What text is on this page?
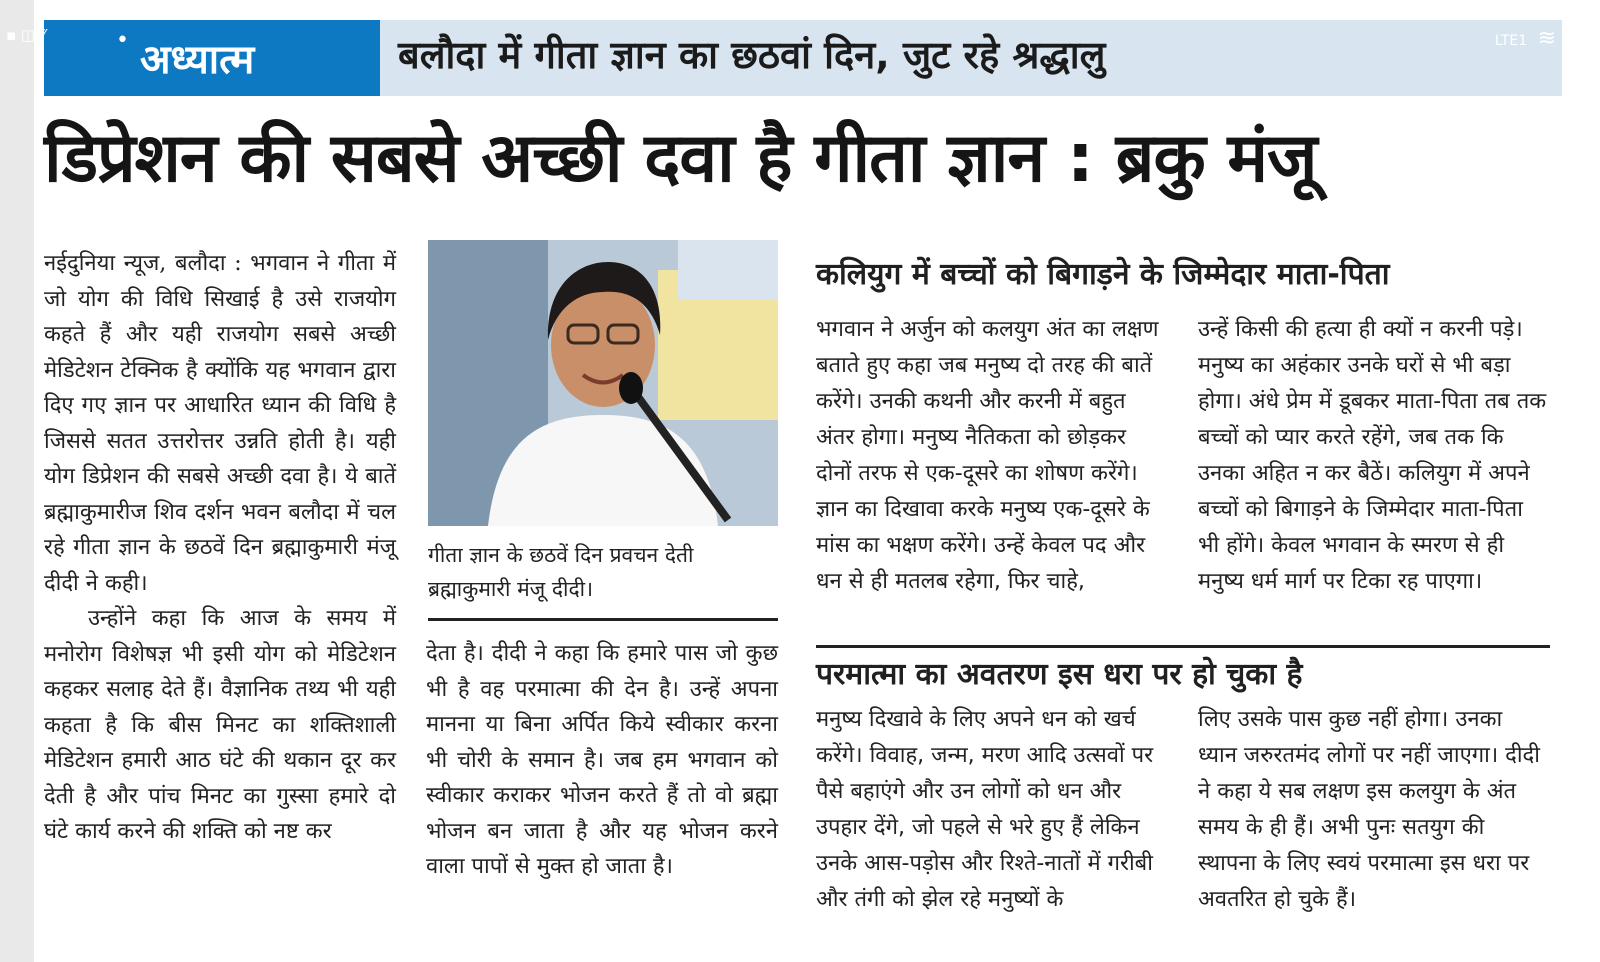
▪ ◫ ⁄⁄	• अध्यात्म	बलौदा में गीता ज्ञान का छठवां दिन, जुट रहे श्रद्धालु	LTE1 ≋
डिप्रेशन की सबसे अच्छी दवा है गीता ज्ञान : ब्रकु मंजू

नईदुनिया न्यूज, बलौदा : भगवान ने गीता में जो योग की विधि सिखाई है उसे राजयोग कहते हैं और यही राजयोग सबसे अच्छी मेडिटेशन टेक्निक है क्योंकि यह भगवान द्वारा दिए गए ज्ञान पर आधारित ध्यान की विधि है जिससे सतत उत्तरोत्तर उन्नति होती है। यही योग डिप्रेशन की सबसे अच्छी दवा है। ये बातें ब्रह्माकुमारीज शिव दर्शन भवन बलौदा में चल रहे गीता ज्ञान के छठवें दिन ब्रह्माकुमारी मंजू दीदी ने कही।

उन्होंने कहा कि आज के समय में मनोरोग विशेषज्ञ भी इसी योग को मेडिटेशन कहकर सलाह देते हैं। वैज्ञानिक तथ्य भी यही कहता है कि बीस मिनट का शक्तिशाली मेडिटेशन हमारी आठ घंटे की थकान दूर कर देती है और पांच मिनट का गुस्सा हमारे दो घंटे कार्य करने की शक्ति को नष्ट कर

गीता ज्ञान के छठवें दिन प्रवचन देती ब्रह्माकुमारी मंजू दीदी।

देता है। दीदी ने कहा कि हमारे पास जो कुछ भी है वह परमात्मा की देन है। उन्हें अपना मानना या बिना अर्पित किये स्वीकार करना भी चोरी के समान है। जब हम भगवान को स्वीकार कराकर भोजन करते हैं तो वो ब्रह्मा भोजन बन जाता है और यह भोजन करने वाला पापों से मुक्त हो जाता है।

कलियुग में बच्चों को बिगाड़ने के जिम्मेदार माता-पिता

भगवान ने अर्जुन को कलयुग अंत का लक्षण बताते हुए कहा जब मनुष्य दो तरह की बातें करेंगे। उनकी कथनी और करनी में बहुत अंतर होगा। मनुष्य नैतिकता को छोड़कर दोनों तरफ से एक-दूसरे का शोषण करेंगे। ज्ञान का दिखावा करके मनुष्य एक-दूसरे के मांस का भक्षण करेंगे। उन्हें केवल पद और धन से ही मतलब रहेगा, फिर चाहे,

उन्हें किसी की हत्या ही क्यों न करनी पड़े। मनुष्य का अहंकार उनके घरों से भी बड़ा होगा। अंधे प्रेम में डूबकर माता-पिता तब तक बच्चों को प्यार करते रहेंगे, जब तक कि उनका अहित न कर बैठें। कलियुग में अपने बच्चों को बिगाड़ने के जिम्मेदार माता-पिता भी होंगे। केवल भगवान के स्मरण से ही मनुष्य धर्म मार्ग पर टिका रह पाएगा।

परमात्मा का अवतरण इस धरा पर हो चुका है

मनुष्य दिखावे के लिए अपने धन को खर्च करेंगे। विवाह, जन्म, मरण आदि उत्सवों पर पैसे बहाएंगे और उन लोगों को धन और उपहार देंगे, जो पहले से भरे हुए हैं लेकिन उनके आस-पड़ोस और रिश्ते-नातों में गरीबी और तंगी को झेल रहे मनुष्यों के

लिए उसके पास कुछ नहीं होगा। उनका ध्यान जरुरतमंद लोगों पर नहीं जाएगा। दीदी ने कहा ये सब लक्षण इस कलयुग के अंत समय के ही हैं। अभी पुनः सतयुग की स्थापना के लिए स्वयं परमात्मा इस धरा पर अवतरित हो चुके हैं।
